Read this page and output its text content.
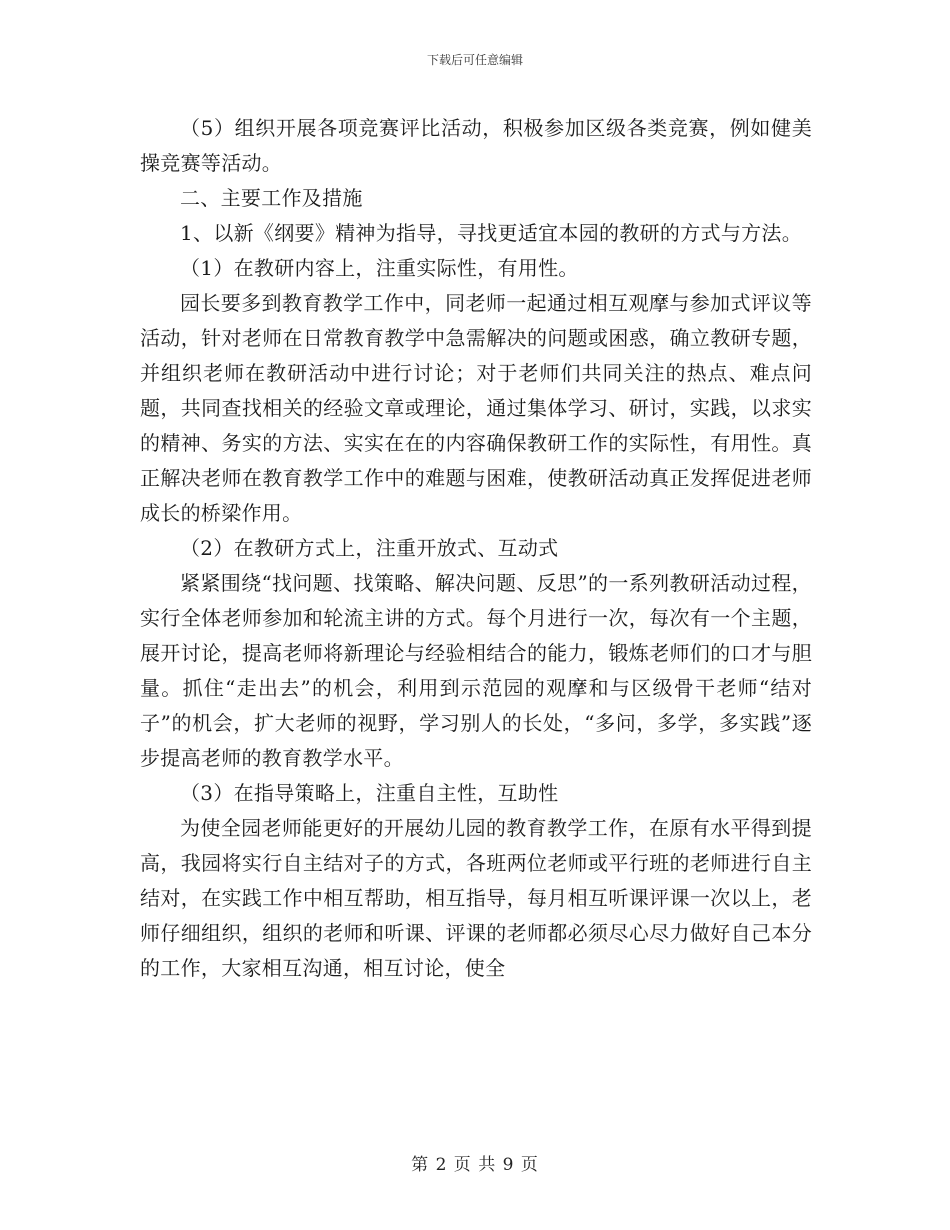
下载后可任意编辑

（5）组织开展各项竞赛评比活动，积极参加区级各类竞赛，例如健美操竞赛等活动。

二、主要工作及措施

1、以新《纲要》精神为指导，寻找更适宜本园的教研的方式与方法。

（1）在教研内容上，注重实际性，有用性。

园长要多到教育教学工作中，同老师一起通过相互观摩与参加式评议等活动，针对老师在日常教育教学中急需解决的问题或困惑，确立教研专题，并组织老师在教研活动中进行讨论；对于老师们共同关注的热点、难点问题，共同查找相关的经验文章或理论，通过集体学习、研讨，实践，以求实的精神、务实的方法、实实在在的内容确保教研工作的实际性，有用性。真正解决老师在教育教学工作中的难题与困难，使教研活动真正发挥促进老师成长的桥梁作用。

（2）在教研方式上，注重开放式、互动式

紧紧围绕“找问题、找策略、解决问题、反思”的一系列教研活动过程，实行全体老师参加和轮流主讲的方式。每个月进行一次，每次有一个主题，展开讨论，提高老师将新理论与经验相结合的能力，锻炼老师们的口才与胆量。抓住“走出去”的机会，利用到示范园的观摩和与区级骨干老师“结对子”的机会，扩大老师的视野，学习别人的长处，“多问，多学，多实践”逐步提高老师的教育教学水平。

（3）在指导策略上，注重自主性，互助性

为使全园老师能更好的开展幼儿园的教育教学工作，在原有水平得到提高，我园将实行自主结对子的方式，各班两位老师或平行班的老师进行自主结对，在实践工作中相互帮助，相互指导，每月相互听课评课一次以上，老师仔细组织，组织的老师和听课、评课的老师都必须尽心尽力做好自己本分的工作，大家相互沟通，相互讨论，使全

第 2 页 共 9 页
